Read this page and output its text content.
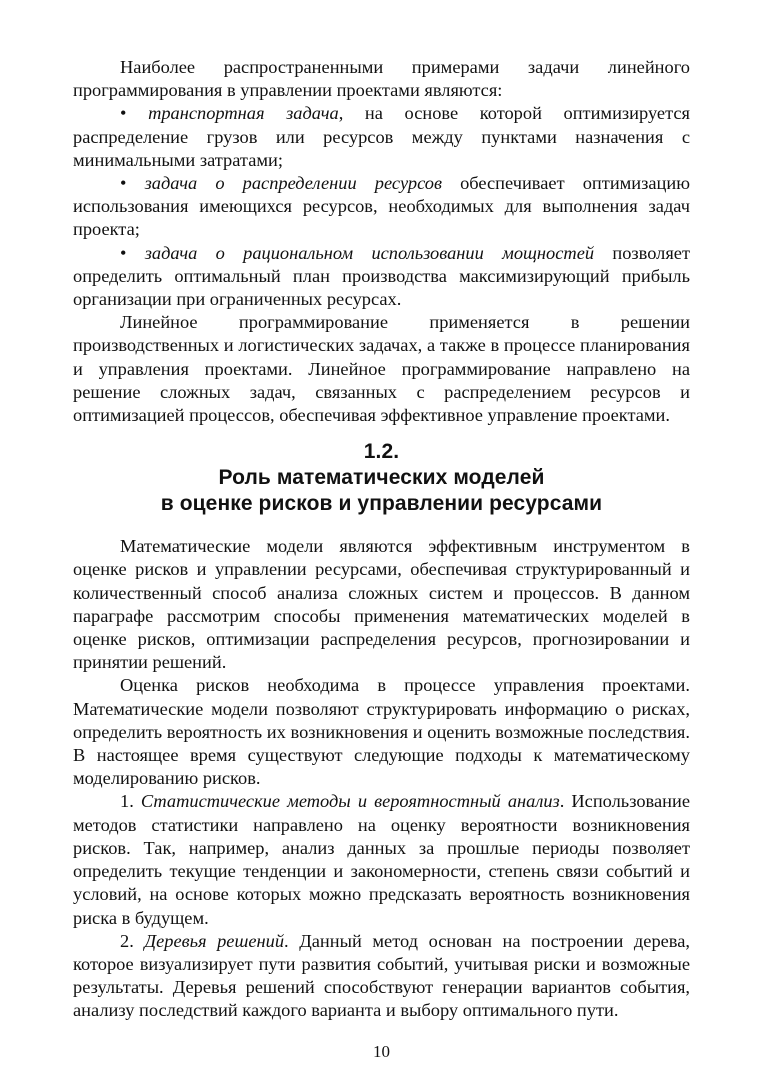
Наиболее распространенными примерами задачи линейного программирования в управлении проектами являются:

• транспортная задача, на основе которой оптимизируется распределение грузов или ресурсов между пунктами назначения с минимальными затратами;

• задача о распределении ресурсов обеспечивает оптимизацию использования имеющихся ресурсов, необходимых для выполнения задач проекта;

• задача о рациональном использовании мощностей позволяет определить оптимальный план производства максимизирующий прибыль организации при ограниченных ресурсах.

Линейное программирование применяется в решении производственных и логистических задачах, а также в процессе планирования и управления проектами. Линейное программирование направлено на решение сложных задач, связанных с распределением ресурсов и оптимизацией процессов, обеспечивая эффективное управление проектами.

1.2.
Роль математических моделей
в оценке рисков и управлении ресурсами

Математические модели являются эффективным инструментом в оценке рисков и управлении ресурсами, обеспечивая структурированный и количественный способ анализа сложных систем и процессов. В данном параграфе рассмотрим способы применения математических моделей в оценке рисков, оптимизации распределения ресурсов, прогнозировании и принятии решений.

Оценка рисков необходима в процессе управления проектами. Математические модели позволяют структурировать информацию о рисках, определить вероятность их возникновения и оценить возможные последствия. В настоящее время существуют следующие подходы к математическому моделированию рисков.

1. Статистические методы и вероятностный анализ. Использование методов статистики направлено на оценку вероятности возникновения рисков. Так, например, анализ данных за прошлые периоды позволяет определить текущие тенденции и закономерности, степень связи событий и условий, на основе которых можно предсказать вероятность возникновения риска в будущем.

2. Деревья решений. Данный метод основан на построении дерева, которое визуализирует пути развития событий, учитывая риски и возможные результаты. Деревья решений способствуют генерации вариантов события, анализу последствий каждого варианта и выбору оптимального пути.

10
